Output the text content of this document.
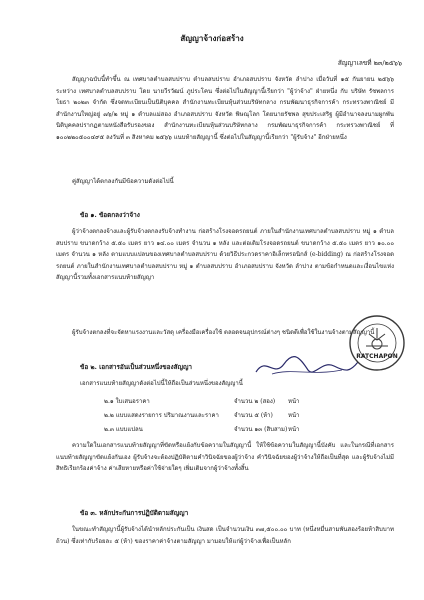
สัญญาจ้างก่อสร้าง
สัญญาเลขที่ ๒๓/๒๕๖๖
สัญญาฉบับนี้ทำขึ้น ณ เทศบาลตำบลสบปราบ ตำบลสบปราบ อำเภอสบปราบ จังหวัด ลำปาง เมื่อวันที่ ๑๕ กันยายน ๒๕๖๖ ระหว่าง เทศบาลตำบลสบปราบ โดย นายวีรวัฒน์ ภูประโคน ซึ่งต่อไปในสัญญานี้เรียกว่า "ผู้ว่าจ้าง" ฝ่ายหนึ่ง กับ บริษัท รัชพลการโยธา ๒๐๒๓ จำกัด ซึ่งจดทะเบียนเป็นนิติบุคคล สำนักงานทะเบียนหุ้นส่วนบริษัทกลาง กรมพัฒนาธุรกิจการค้า กระทรวงพาณิชย์ มีสำนักงานใหญ่อยู่ ๗๖/๒ หมู่ ๑ ตำบลแม่สอง อำเภอสบปราบ จังหวัด พิษณุโลก โดยนายรัชพล สุขประเสริฐ ผู้มีอำนาจลงนามผูกพันนิติบุคคลปรากฏตามหนังสือรับรองของ สำนักงานทะเบียนหุ้นส่วนบริษัทกลาง กรมพัฒนาธุรกิจการค้า กระทรวงพาณิชย์ ที่ ๑๐๐๒๒๐๕๐๐๔๙๕ ลงวันที่ ๓ สิงหาคม ๒๕๖๖ แนบท้ายสัญญานี้ ซึ่งต่อไปในสัญญานี้เรียกว่า "ผู้รับจ้าง" อีกฝ่ายหนึ่ง
คู่สัญญาได้ตกลงกันมีข้อความดังต่อไปนี้
ข้อ ๑. ข้อตกลงว่าจ้าง
ผู้ว่าจ้างตกลงจ้างและผู้รับจ้างตกลงรับจ้างทำงาน ก่อสร้างโรงจอดรถยนต์ ภายในสำนักงานเทศบาลตำบลสบปราบ หมู่ ๑ ตำบลสบปราบ ขนาดกว้าง ๕.๕๐ เมตร ยาว ๑๔.๐๐ เมตร จำนวน ๑ หลัง และต่อเติมโรงจอดรถยนต์ ขนาดกว้าง ๕.๕๐ เมตร ยาว ๑๐.๐๐ เมตร จำนวน ๑ หลัง ตามแบบแปลนของเทศบาลตำบลสบปราบ ด้วยวิธีประกวดราคาอิเล็กทรอนิกส์ (e-bidding) ณ ก่อสร้างโรงจอดรถยนต์ ภายในสำนักงานเทศบาลตำบลสบปราบ หมู่ ๑ ตำบลสบปราบ อำเภอสบปราบ จังหวัด ลำปาง ตามข้อกำหนดและเงื่อนไขแห่งสัญญานี้รวมทั้งเอกสารแนบท้ายสัญญา
ผู้รับจ้างตกลงที่จะจัดหาแรงงานและวัสดุ เครื่องมือเครื่องใช้ ตลอดจนอุปกรณ์ต่างๆ ชนิดดีเพื่อใช้ในงานจ้างตามสัญญานี้
ข้อ ๒. เอกสารอันเป็นส่วนหนึ่งของสัญญา
เอกสารแนบท้ายสัญญาดังต่อไปนี้ให้ถือเป็นส่วนหนึ่งของสัญญานี้
๒.๑ ใบเสนอราคา	จำนวน ๒ (สอง) หน้า
๒.๒ แบบแสดงรายการ ปริมาณงานและราคา	จำนวน ๕ (ห้า)	หน้า
๒.๓ แบบแปลน	จำนวน ๑๓ (สิบสาม) หน้า
ความใดในเอกสารแนบท้ายสัญญาที่ขัดหรือแย้งกับข้อความในสัญญานี้ ให้ใช้ข้อความในสัญญานี้บังคับ และในกรณีที่เอกสารแนบท้ายสัญญาขัดแย้งกันเอง ผู้รับจ้างจะต้องปฏิบัติตามคำวินิจฉัยของผู้ว่าจ้าง คำวินิจฉัยของผู้ว่าจ้างให้ถือเป็นที่สุด และผู้รับจ้างไม่มีสิทธิเรียกร้องค่าจ้าง ค่าเสียหายหรือค่าใช้จ่ายใดๆ เพิ่มเติมจากผู้ว่าจ้างทั้งสิ้น
ข้อ ๓. หลักประกันการปฏิบัติตามสัญญา
ในขณะทำสัญญานี้ผู้รับจ้างได้นำหลักประกันเป็น เงินสด เป็นจำนวนเงิน ๓๗,๕๐๐.๐๐ บาท (หนึ่งหมื่นสามพันสองร้อยห้าสิบบาทถ้วน) ซึ่งเท่ากับร้อยละ ๕ (ห้า) ของราคาค่าจ้างตามสัญญา มามอบให้แก่ผู้ว่าจ้างเพื่อเป็นหลัก
RATCHAPON
